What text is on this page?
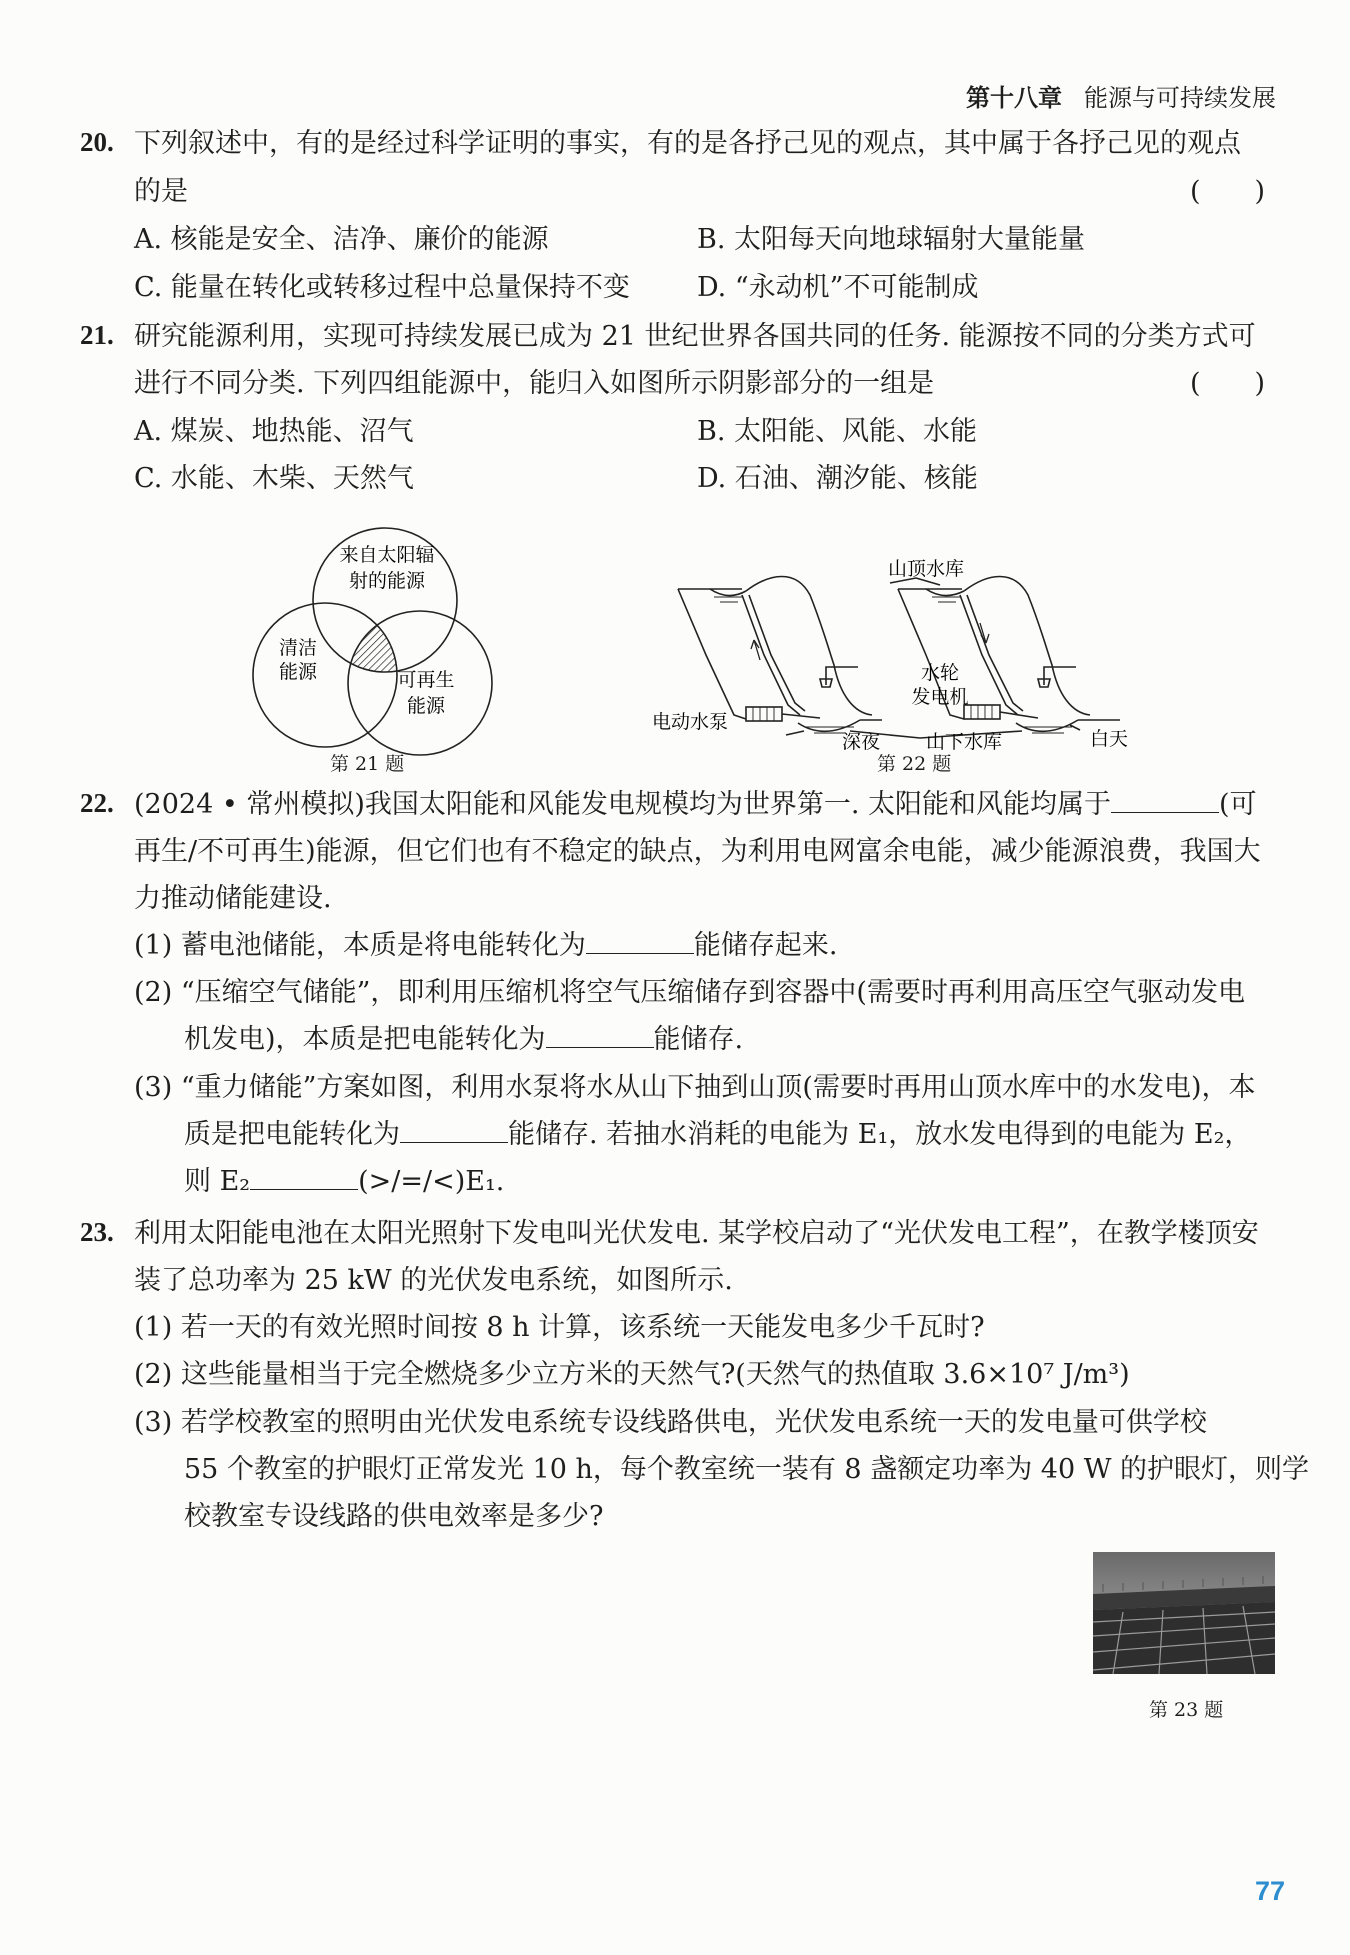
第十八章 能源与可持续发展
20. 下列叙述中，有的是经过科学证明的事实，有的是各抒己见的观点，其中属于各抒己见的观点
的是	(　　)
A. 核能是安全、洁净、廉价的能源	B. 太阳每天向地球辐射大量能量
C. 能量在转化或转移过程中总量保持不变 D. “永动机”不可能制成
21. 研究能源利用，实现可持续发展已成为 21 世纪世界各国共同的任务. 能源按不同的分类方式可
进行不同分类. 下列四组能源中，能归入如图所示阴影部分的一组是	(　　)
A. 煤炭、地热能、沼气	B. 太阳能、风能、水能
C. 水能、木柴、天然气	D. 石油、潮汐能、核能
来自太阳辐
射的能源
清洁
能源	可再生
能源
第 21 题
山顶水库
电动水泵
深夜 山下水库
水轮
发电机
白天
第 22 题
22. (2024 • 常州模拟)我国太阳能和风能发电规模均为世界第一. 太阳能和风能均属于	(可
再生/不可再生)能源，但它们也有不稳定的缺点，为利用电网富余电能，减少能源浪费，我国大
力推动储能建设.
(1) 蓄电池储能，本质是将电能转化为	能储存起来.
(2) “压缩空气储能”，即利用压缩机将空气压缩储存到容器中(需要时再利用高压空气驱动发电
机发电)，本质是把电能转化为	能储存.
(3) “重力储能”方案如图，利用水泵将水从山下抽到山顶(需要时再用山顶水库中的水发电)，本
质是把电能转化为	能储存. 若抽水消耗的电能为 E₁，放水发电得到的电能为 E₂，
则 E₂	(>/=/<)E₁.
23. 利用太阳能电池在太阳光照射下发电叫光伏发电. 某学校启动了“光伏发电工程”，在教学楼顶安
装了总功率为 25 kW 的光伏发电系统，如图所示.
(1) 若一天的有效光照时间按 8 h 计算，该系统一天能发电多少千瓦时?
(2) 这些能量相当于完全燃烧多少立方米的天然气?(天然气的热值取 3.6×10⁷ J/m³)
(3) 若学校教室的照明由光伏发电系统专设线路供电，光伏发电系统一天的发电量可供学校
55 个教室的护眼灯正常发光 10 h，每个教室统一装有 8 盏额定功率为 40 W 的护眼灯，则学
校教室专设线路的供电效率是多少?
第 23 题
77
